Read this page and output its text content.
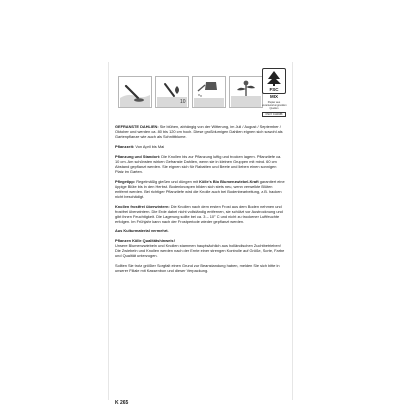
10
FSC
MIX
Papier aus verantwortungsvollen Quellen
FSC® C114688

GEFRANSTE DAHLIEN: Sie blühen, abhängig von der Witterung, im Juli / August / September / Oktober und werden ca. 80 bis 120 cm hoch. Diese großblumigen Dahlien eignen sich sowohl als Gartenpflanze wie auch als Schnittblume.

Pflanzzeit: Von April bis Mai

Pflanzung und Standort: Die Knollen bis zur Pflanzung luftig und trocken lagern. Pflanztiefe ca. 10 cm. Am schönsten wirken Gefranste Dahlien, wenn sie in kleinen Gruppen mit mind. 60 cm Abstand gepflanzt werden. Sie eignen sich für Rabatten und Beete und lieben einen sonnigen Platz im Garten.

Pflegetipp: Regelmäßig gießen und düngen mit Kölle's Bio Blumenzwiebel-Kraft garantiert eine üppige Blüte bis in den Herbst. Bodenknospen bilden sich stets neu, wenn verwelkte Blüten entfernt werden. Bei richtiger Pflanztiefe wird die Knolle auch bei Bodenbearbeitung, z.B. hacken nicht beschädigt.

Knollen frostfrei überwintern: Die Knollen nach dem ersten Frost aus dem Boden nehmen und frostfrei überwintern. Die Erde dabei nicht vollständig entfernen, sie schützt vor Austrocknung und gibt ihnen Feuchtigkeit. Die Lagerung sollte bei ca. 3 – 10° C und nicht zu trockener Luftfeuchte erfolgen. Im Frühjahr kann nach der Frostperiode wieder gepflanzt werden.

Aus Kulturmaterial vermehrt.

Pflanzen Kölle Qualitätshinweis!
Unsere Blumenzwiebeln und Knollen stammen hauptsächlich aus holländischen Zuchtbetrieben! Die Zwiebeln und Knollen werden nach der Ernte einer strengen Kontrolle auf Größe, Sorte, Farbe und Qualität unterzogen.

Sollten Sie trotz größter Sorgfalt einen Grund zur Beanstandung haben, melden Sie sich bitte in unserer Filiale mit Kassenbon und dieser Verpackung.

K 265
